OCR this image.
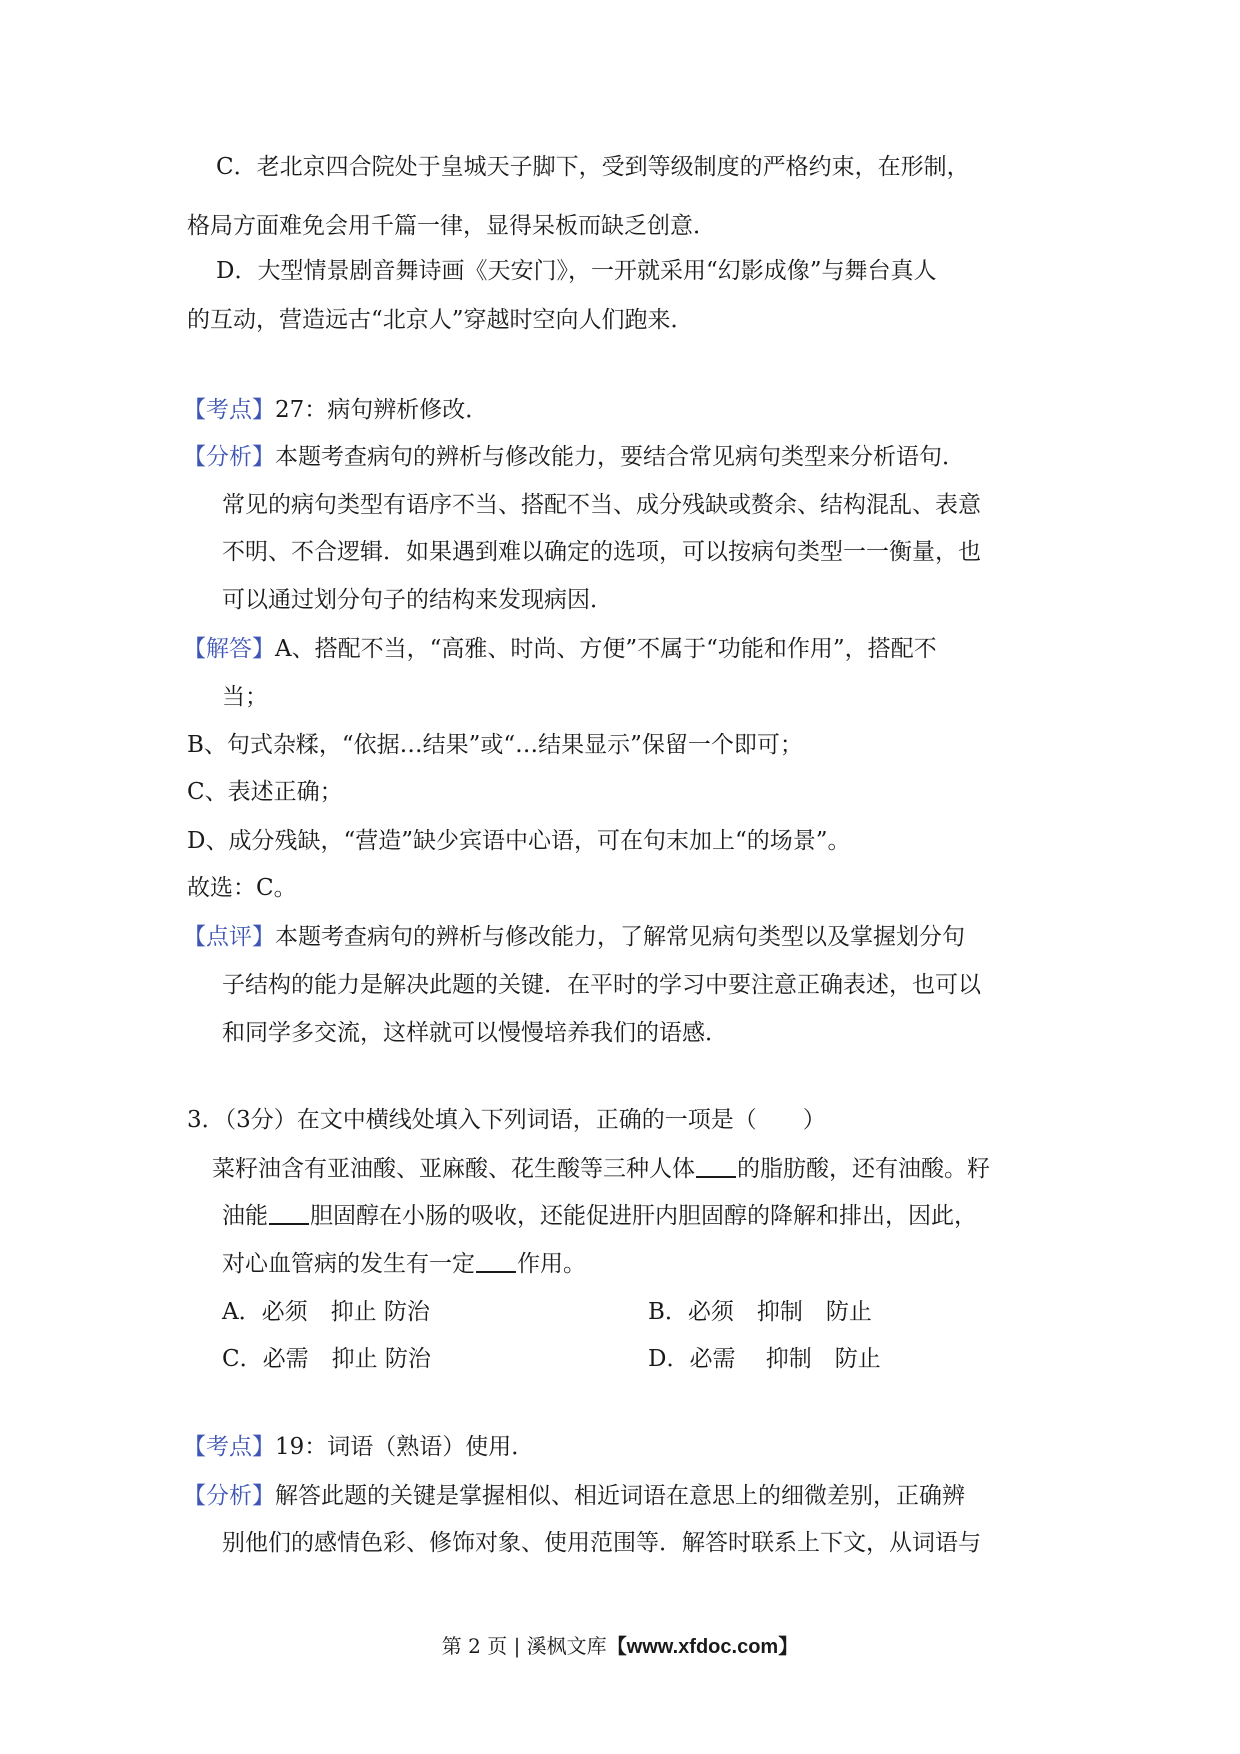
C．老北京四合院处于皇城天子脚下，受到等级制度的严格约束，在形制，
格局方面难免会用千篇一律，显得呆板而缺乏创意．
D．大型情景剧音舞诗画《天安门》，一开就采用“幻影成像”与舞台真人
的互动，营造远古“北京人”穿越时空向人们跑来．
【考点】27：病句辨析修改．
【分析】本题考查病句的辨析与修改能力，要结合常见病句类型来分析语句．
常见的病句类型有语序不当、搭配不当、成分残缺或赘余、结构混乱、表意
不明、不合逻辑．如果遇到难以确定的选项，可以按病句类型一一衡量，也
可以通过划分句子的结构来发现病因．
【解答】A、搭配不当，“高雅、时尚、方便”不属于“功能和作用”，搭配不
当；
B、句式杂糅，“依据…结果”或“…结果显示”保留一个即可；
C、表述正确；
D、成分残缺，“营造”缺少宾语中心语，可在句末加上“的场景”。
故选：C。
【点评】本题考查病句的辨析与修改能力，了解常见病句类型以及掌握划分句
子结构的能力是解决此题的关键．在平时的学习中要注意正确表述，也可以
和同学多交流，这样就可以慢慢培养我们的语感．
3．（3分）在文中横线处填入下列词语，正确的一项是（　　）
菜籽油含有亚油酸、亚麻酸、花生酸等三种人体 的脂肪酸，还有油酸。籽
油能 胆固醇在小肠的吸收，还能促进肝内胆固醇的降解和排出，因此，
对心血管病的发生有一定 作用。
A．必须　抑止 防治	B．必须　抑制　防止
C．必需　抑止 防治	D．必需　 抑制　防止
【考点】19：词语（熟语）使用．
【分析】解答此题的关键是掌握相似、相近词语在意思上的细微差别，正确辨
别他们的感情色彩、修饰对象、使用范围等．解答时联系上下文，从词语与
第 2 页 | 溪枫文库【www.xfdoc.com】
